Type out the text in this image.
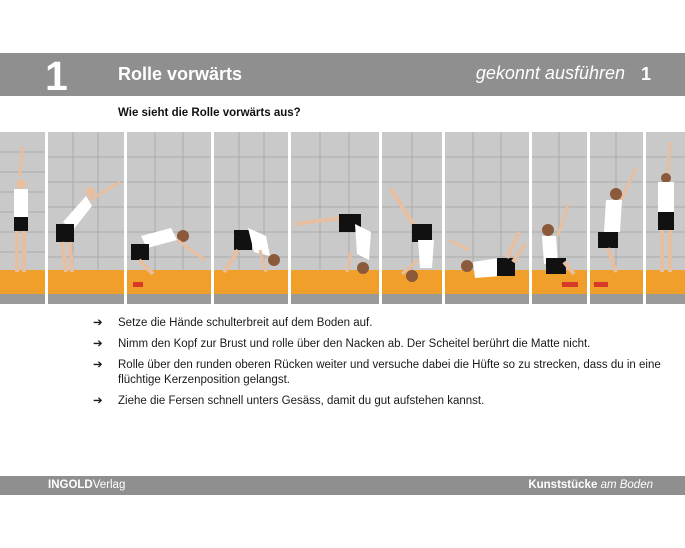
1	Rolle vorwärts	gekonnt ausführen 1
Wie sieht die Rolle vorwärts aus?
➔ Setze die Hände schulterbreit auf dem Boden auf.
➔ Nimm den Kopf zur Brust und rolle über den Nacken ab. Der Scheitel berührt die Matte nicht.
➔ Rolle über den runden oberen Rücken weiter und versuche dabei die Hüfte so zu strecken, dass du in eine flüchtige Kerzenposition gelangst.
➔ Ziehe die Fersen schnell unters Gesäss, damit du gut aufstehen kannst.
INGOLDVerlag	Kunststücke am Boden
